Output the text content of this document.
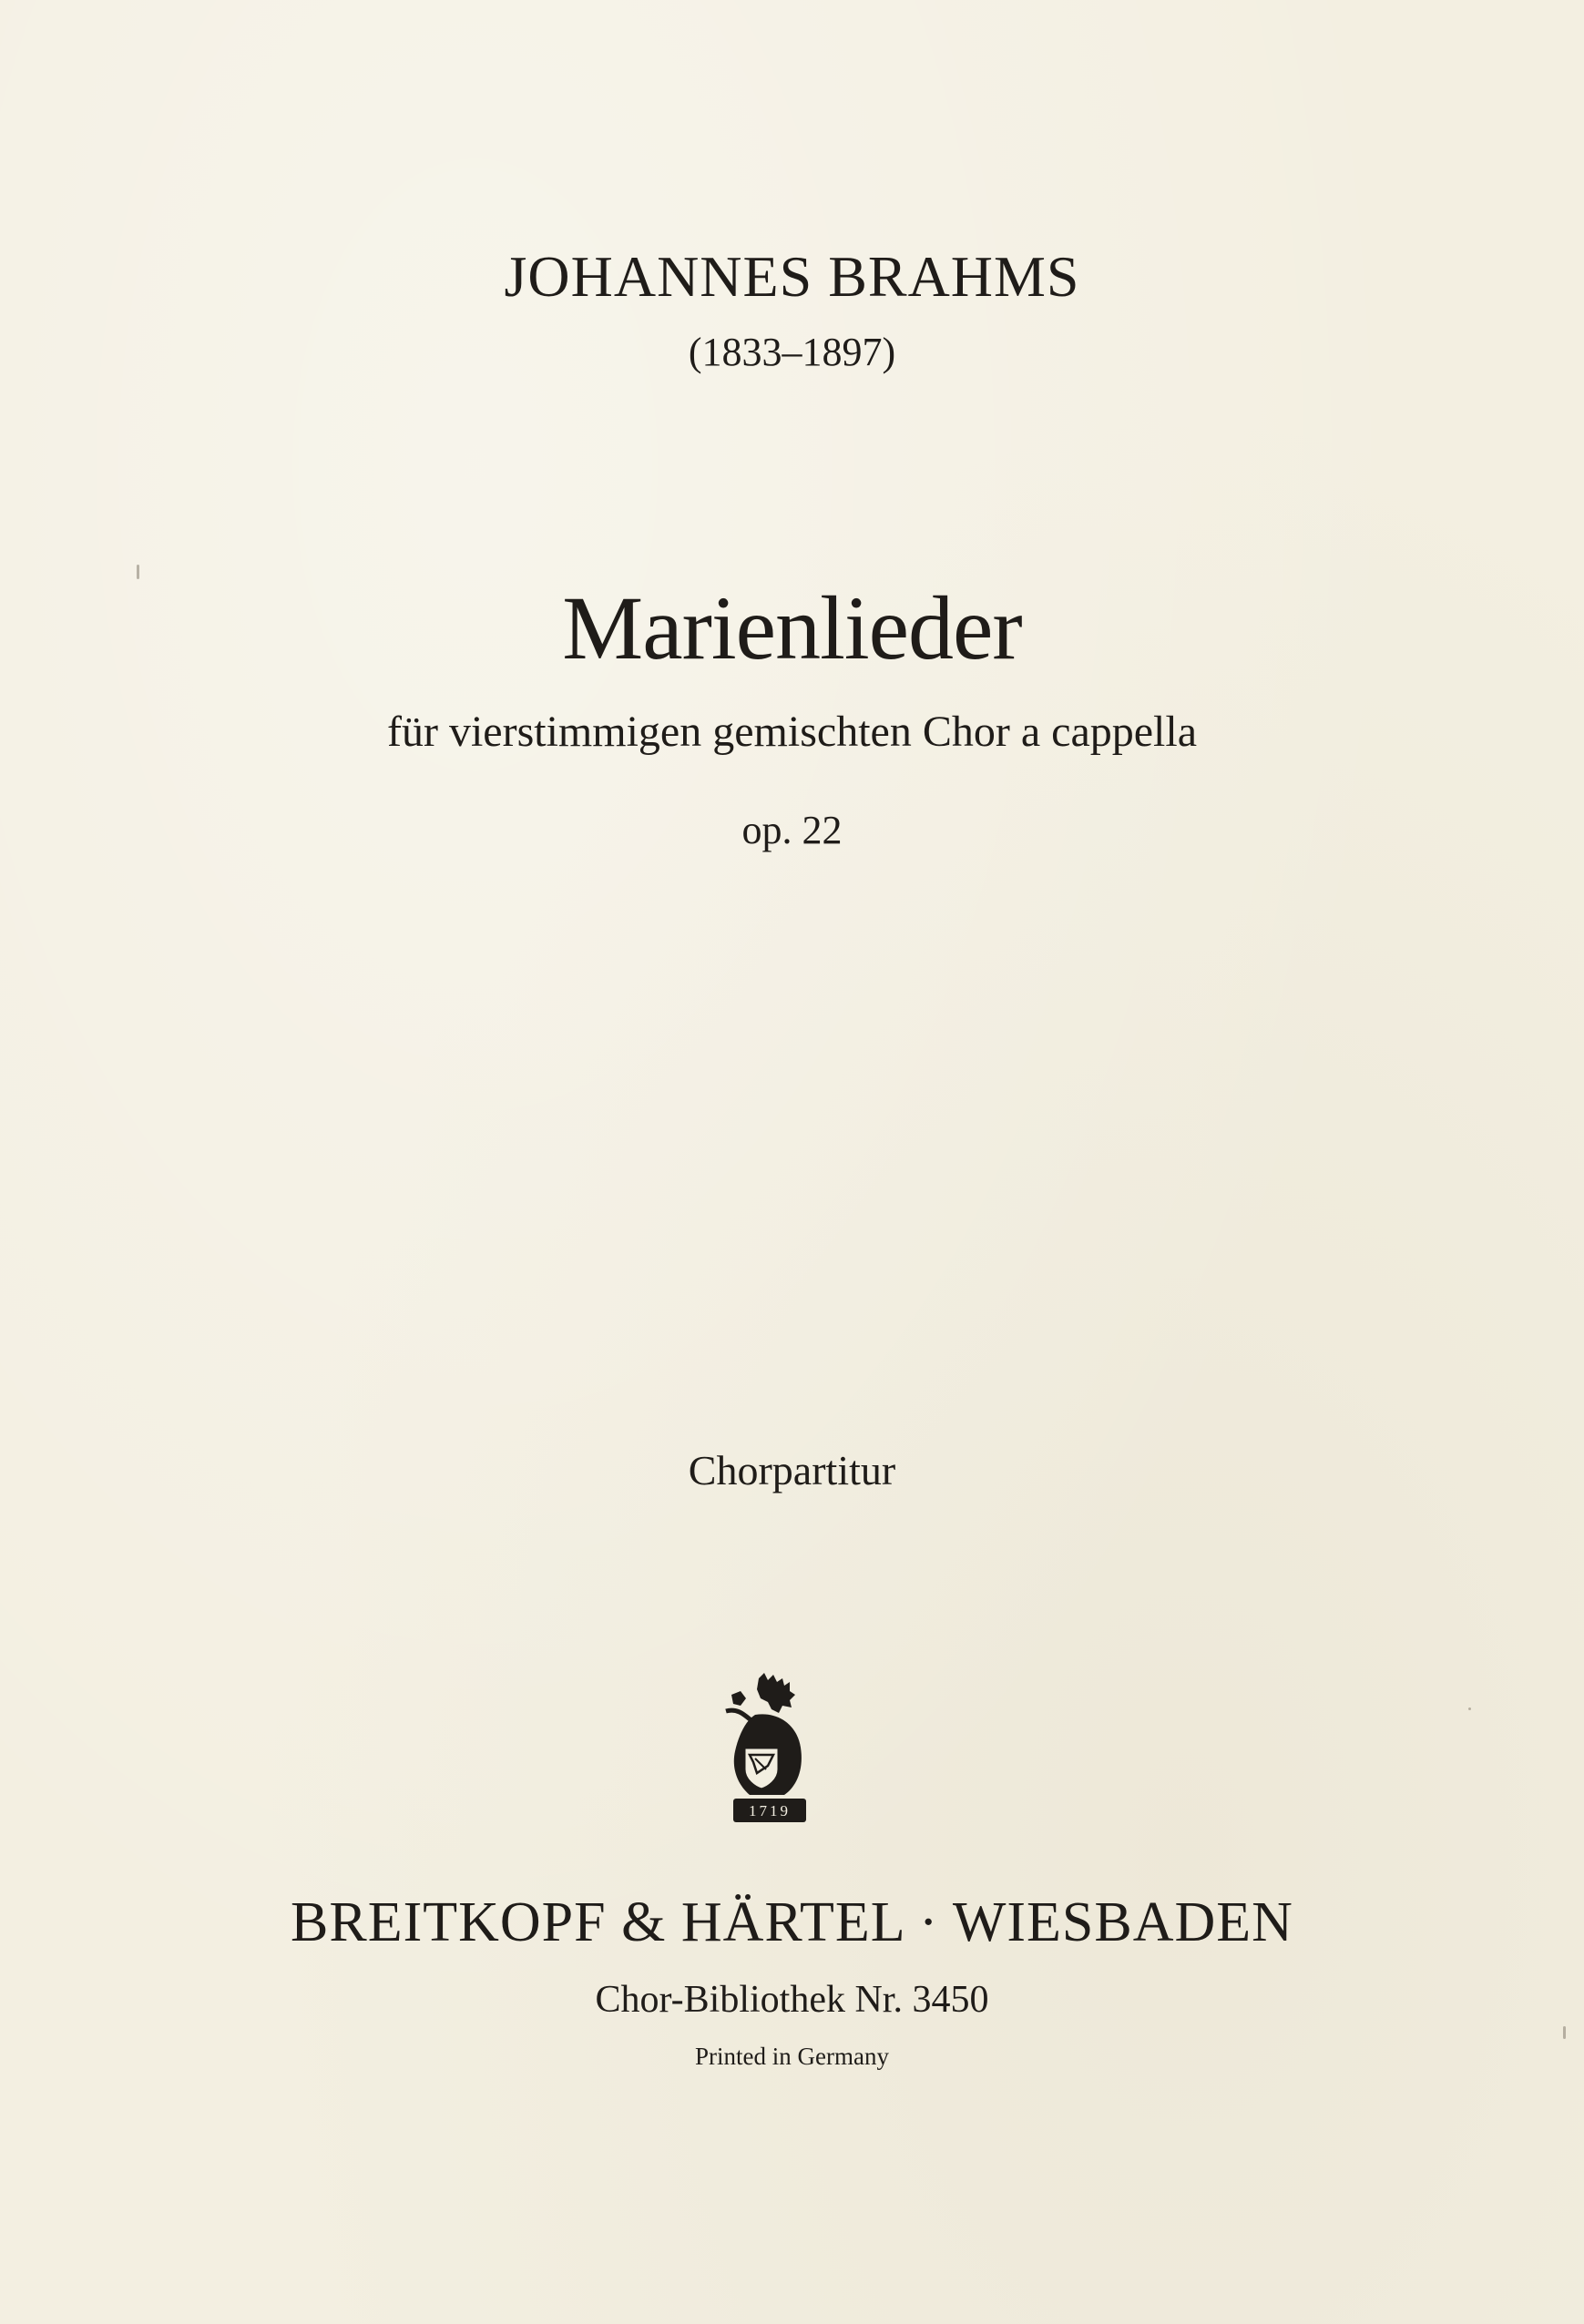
JOHANNES BRAHMS
(1833–1897)
Marienlieder
für vierstimmigen gemischten Chor a cappella
op. 22
Chorpartitur
1719
BREITKOPF & HÄRTEL · WIESBADEN
Chor-Bibliothek Nr. 3450
Printed in Germany
